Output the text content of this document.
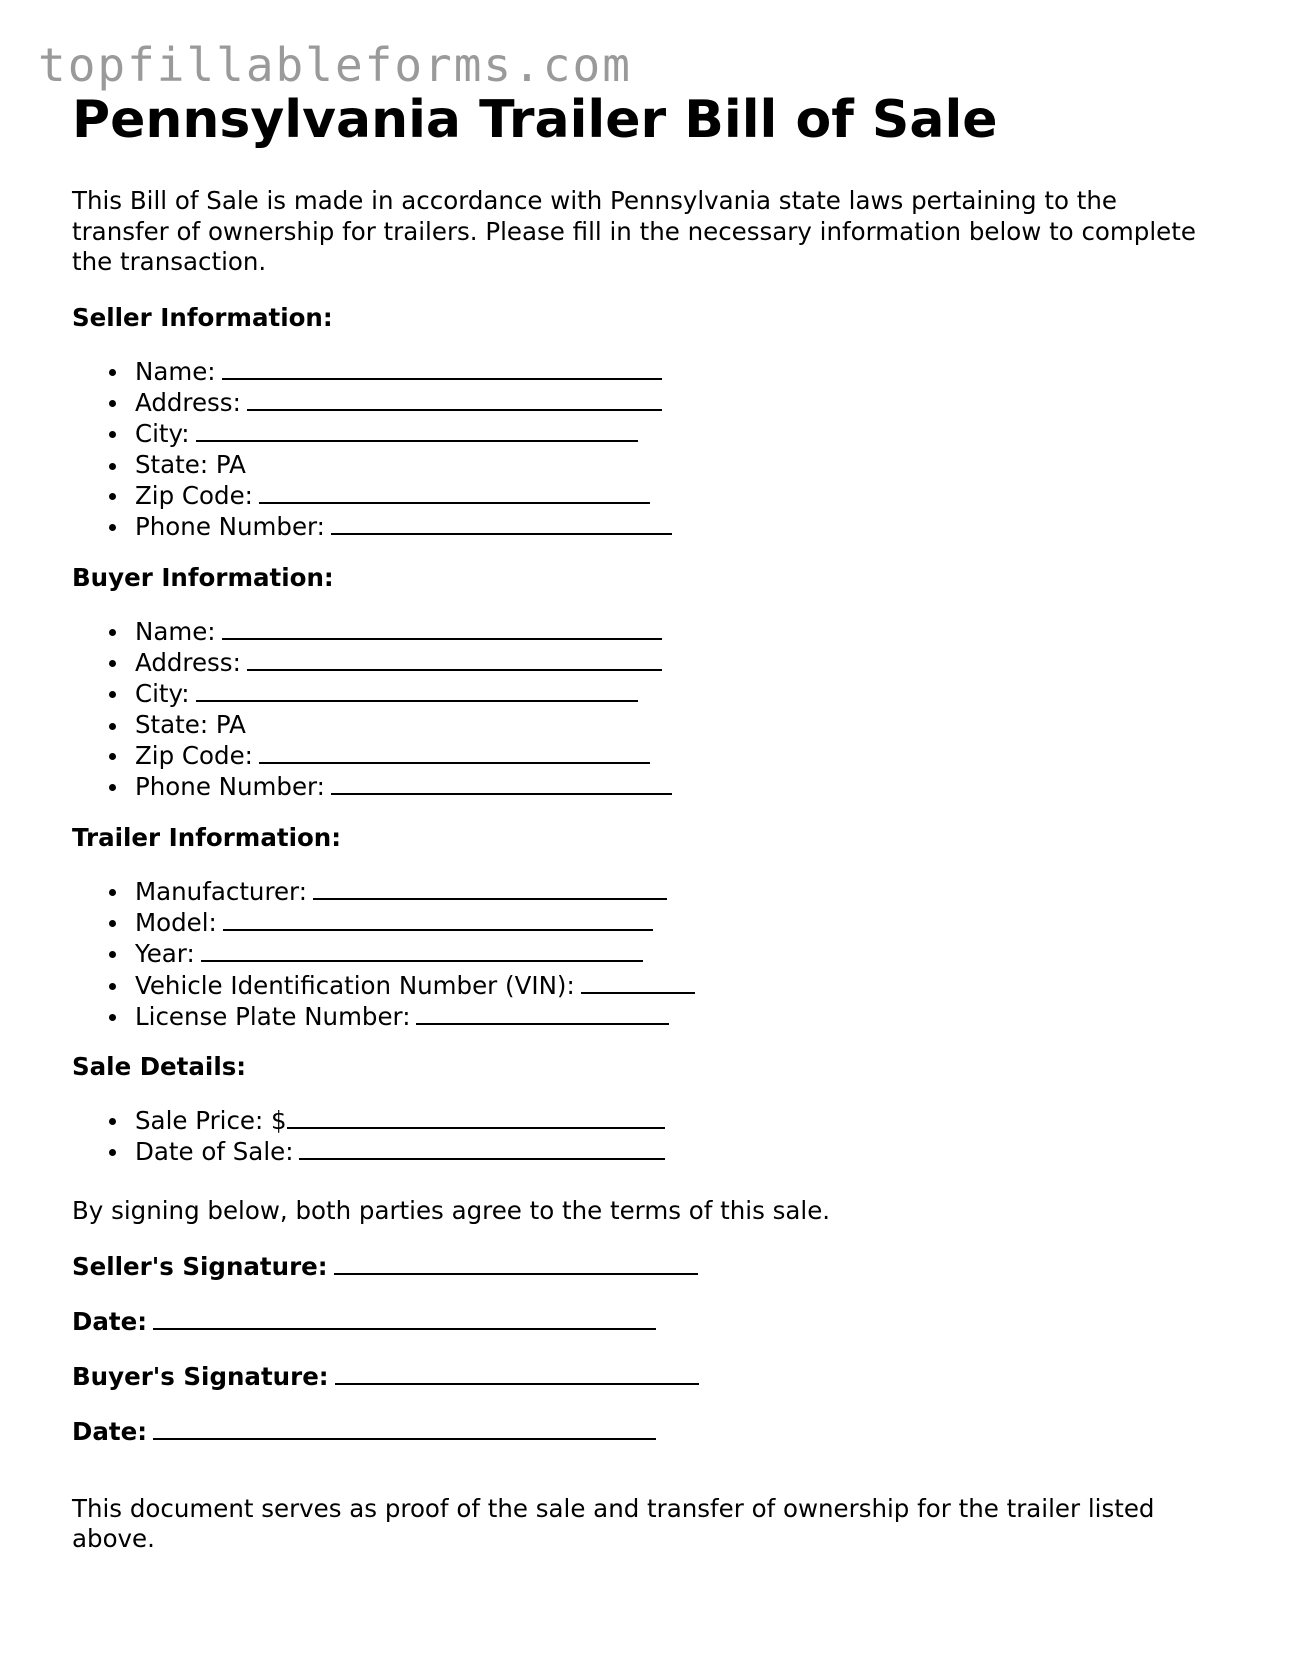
topfillableforms.com
Pennsylvania Trailer Bill of Sale

This Bill of Sale is made in accordance with Pennsylvania state laws pertaining to the transfer of ownership for trailers. Please fill in the necessary information below to complete the transaction.

Seller Information:

Name:
Address:
City:
State: PA
Zip Code:
Phone Number:

Buyer Information:

Name:
Address:
City:
State: PA
Zip Code:
Phone Number:

Trailer Information:

Manufacturer:
Model:
Year:
Vehicle Identification Number (VIN):
License Plate Number:

Sale Details:

Sale Price: $
Date of Sale:

By signing below, both parties agree to the terms of this sale.

Seller's Signature:

Date:

Buyer's Signature:

Date:

This document serves as proof of the sale and transfer of ownership for the trailer listed above.
